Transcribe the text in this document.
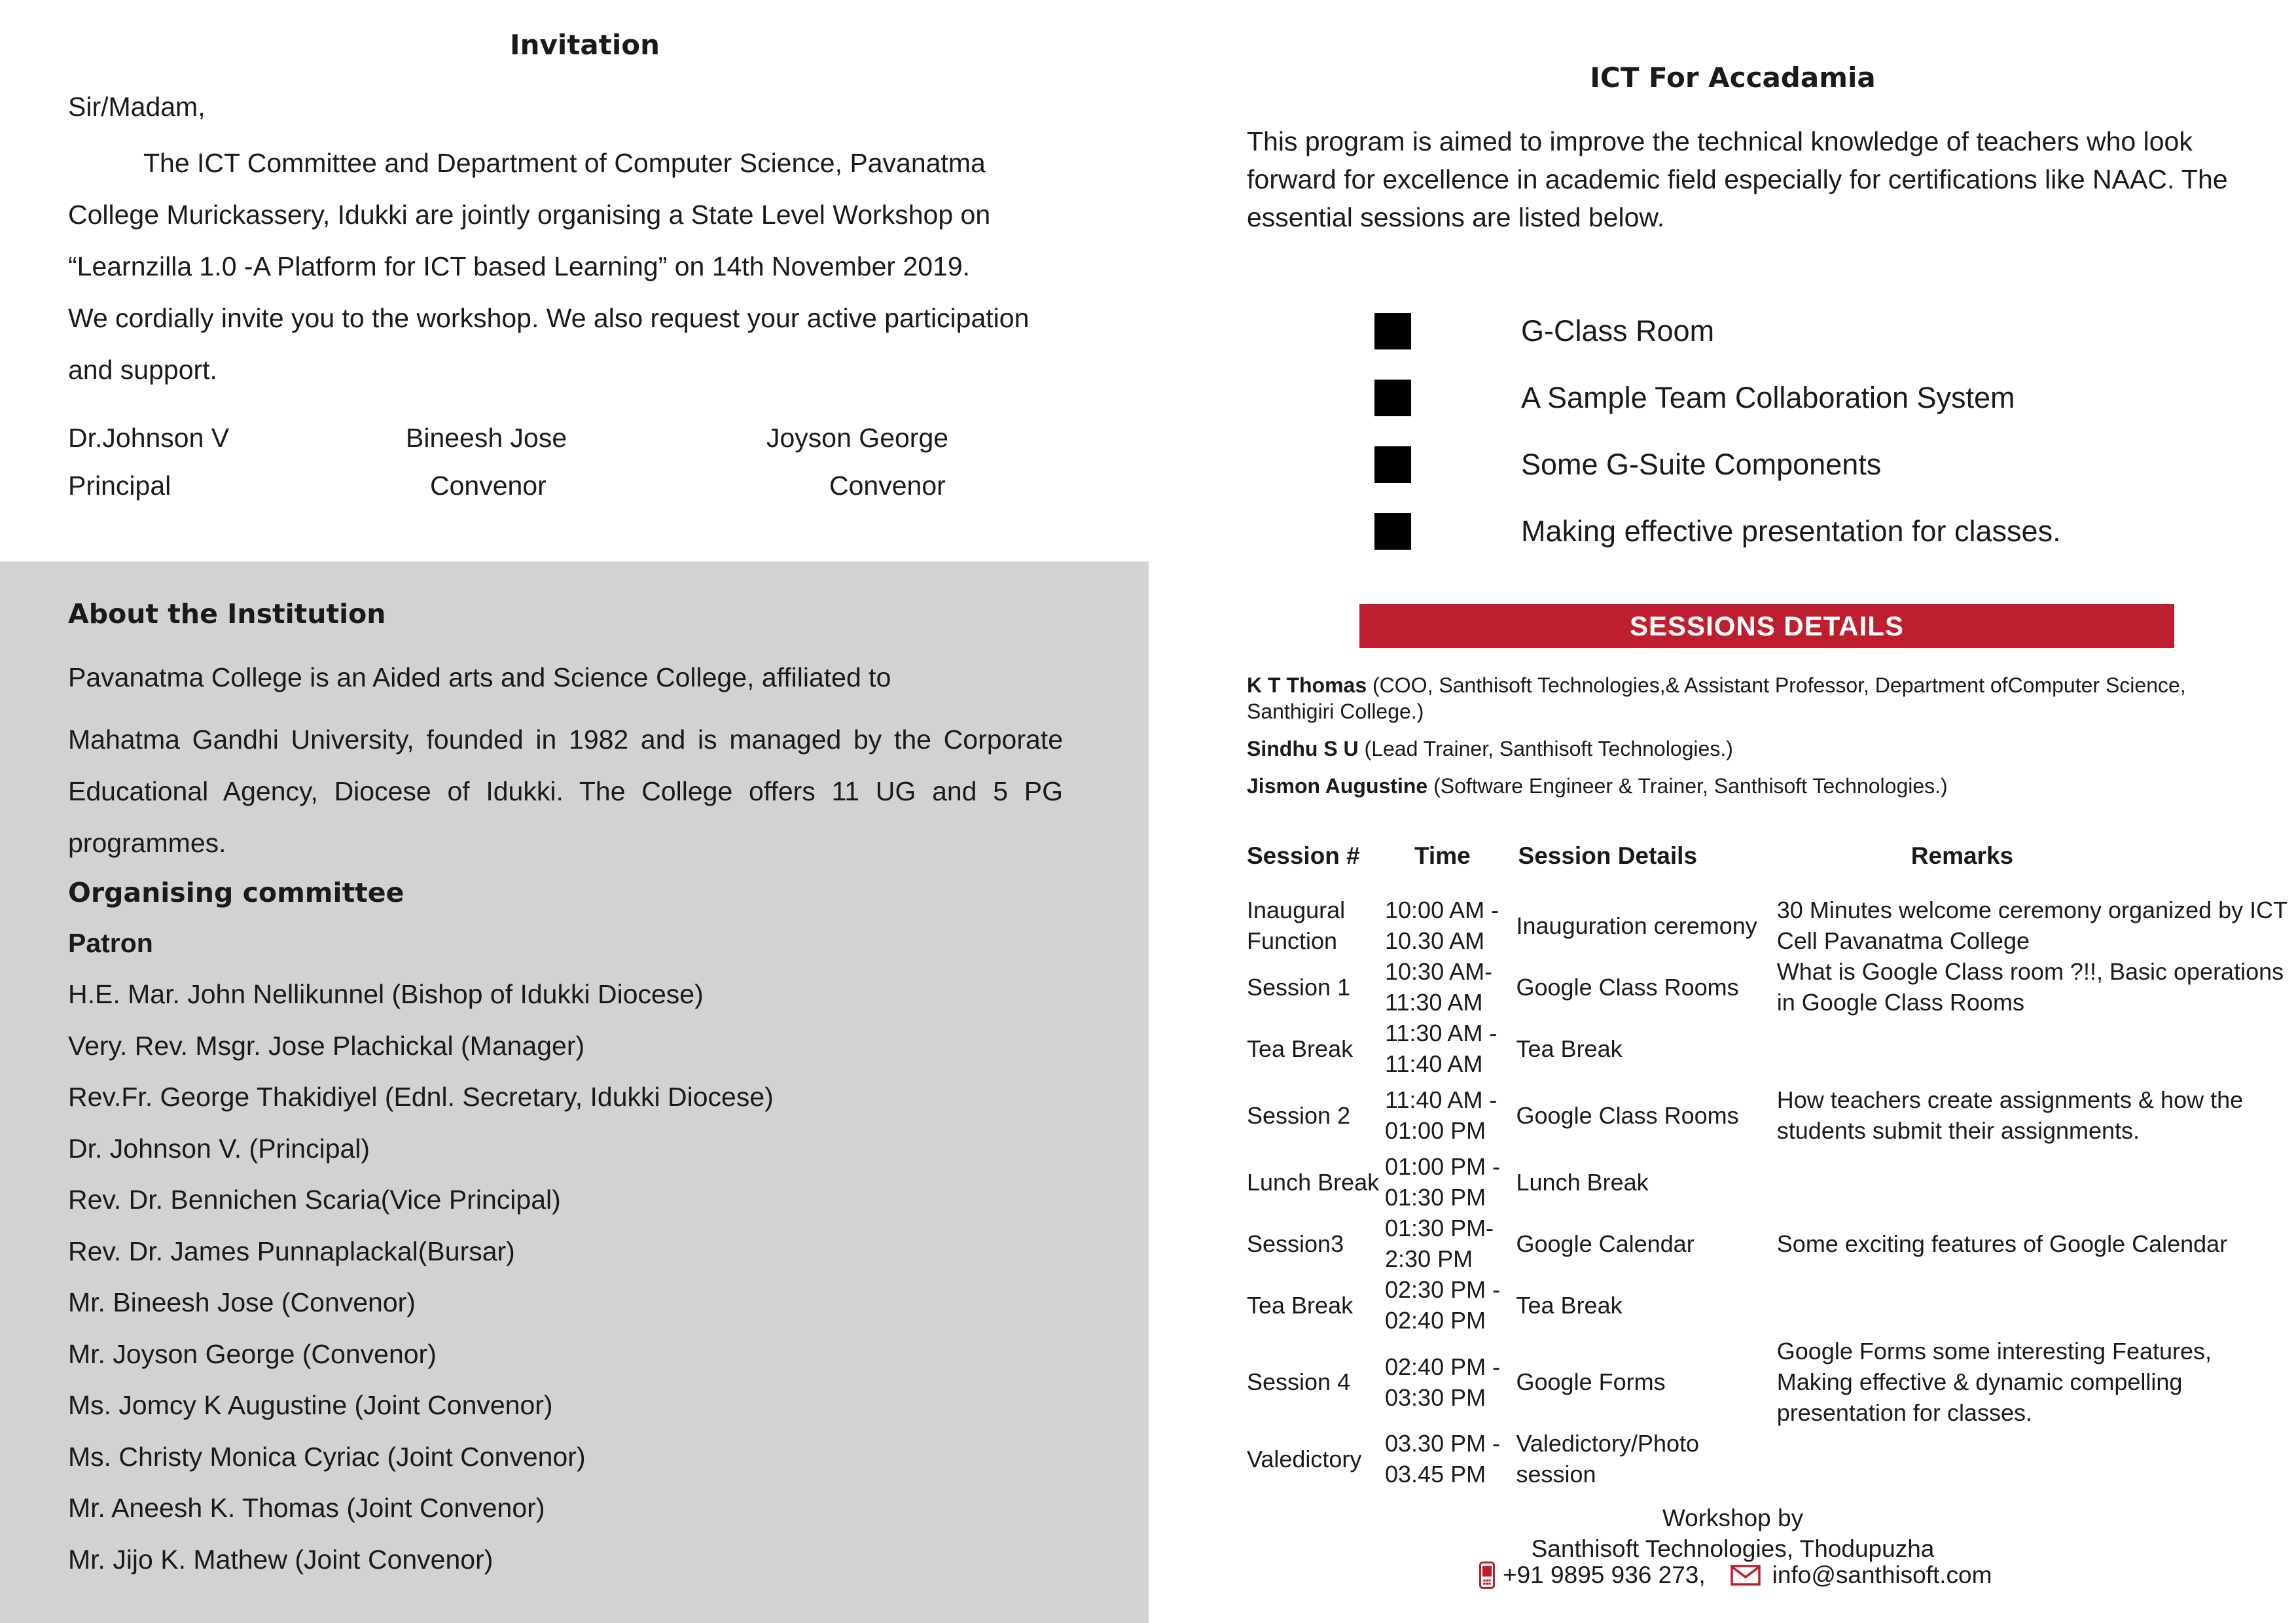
Invitation
Sir/Madam,
The ICT Committee and Department of Computer Science, Pavanatma College Murickassery, Idukki are jointly organising a State Level Workshop on “Learnzilla 1.0 -A Platform for ICT based Learning” on 14th November 2019.
We cordially invite you to the workshop. We also request your active participation and support.
Dr.Johnson V
Principal
Bineesh Jose
Convenor
Joyson George
Convenor
About the Institution
Pavanatma College is an Aided arts and Science College, affiliated to
Mahatma Gandhi University, founded in 1982 and is managed by the Corporate Educational Agency, Diocese of Idukki. The College offers 11 UG and 5 PG programmes.
Organising committee
Patron
H.E. Mar. John Nellikunnel (Bishop of Idukki Diocese)
Very. Rev. Msgr. Jose Plachickal (Manager)
Rev.Fr. George Thakidiyel (Ednl. Secretary, Idukki Diocese)
Dr. Johnson V. (Principal)
Rev. Dr. Bennichen Scaria(Vice Principal)
Rev. Dr. James Punnaplackal(Bursar)
Mr. Bineesh Jose (Convenor)
Mr. Joyson George (Convenor)
Ms. Jomcy K Augustine (Joint Convenor)
Ms. Christy Monica Cyriac (Joint Convenor)
Mr. Aneesh K. Thomas (Joint Convenor)
Mr. Jijo K. Mathew (Joint Convenor)
ICT For Accadamia
This program is aimed to improve the technical knowledge of teachers who look forward for excellence in academic field especially for certifications like NAAC. The essential sessions are listed below.
G-Class Room
A Sample Team Collaboration System
Some G-Suite Components
Making effective presentation for classes.
SESSIONS DETAILS
K T Thomas (COO, Santhisoft Technologies,& Assistant Professor, Department ofComputer Science, Santhigiri College.)
Sindhu S U (Lead Trainer, Santhisoft Technologies.)
Jismon Augustine (Software Engineer & Trainer, Santhisoft Technologies.)
Session #	Time	Session Details	Remarks

Inaugural Function	10:00 AM - 10.30 AM	Inauguration ceremony	30 Minutes welcome ceremony organized by ICT Cell Pavanatma College
Session 1	10:30 AM- 11:30 AM	Google Class Rooms	What is Google Class room ?!!, Basic operations in Google Class Rooms
Tea Break	11:30 AM - 11:40 AM	Tea Break	
Session 2	11:40 AM - 01:00 PM	Google Class Rooms	How teachers create assignments & how the students submit their assignments.
Lunch Break	01:00 PM - 01:30 PM	Lunch Break	
Session3	01:30 PM- 2:30 PM	Google Calendar	Some exciting features of Google Calendar
Tea Break	02:30 PM - 02:40 PM	Tea Break	
Session 4	02:40 PM - 03:30 PM	Google Forms	Google Forms some interesting Features, Making effective & dynamic compelling presentation for classes.
Valedictory	03.30 PM - 03.45 PM	Valedictory/Photo session	
Workshop by
Santhisoft Technologies, Thodupuzha
+91 9895 936 273,	info@santhisoft.com
